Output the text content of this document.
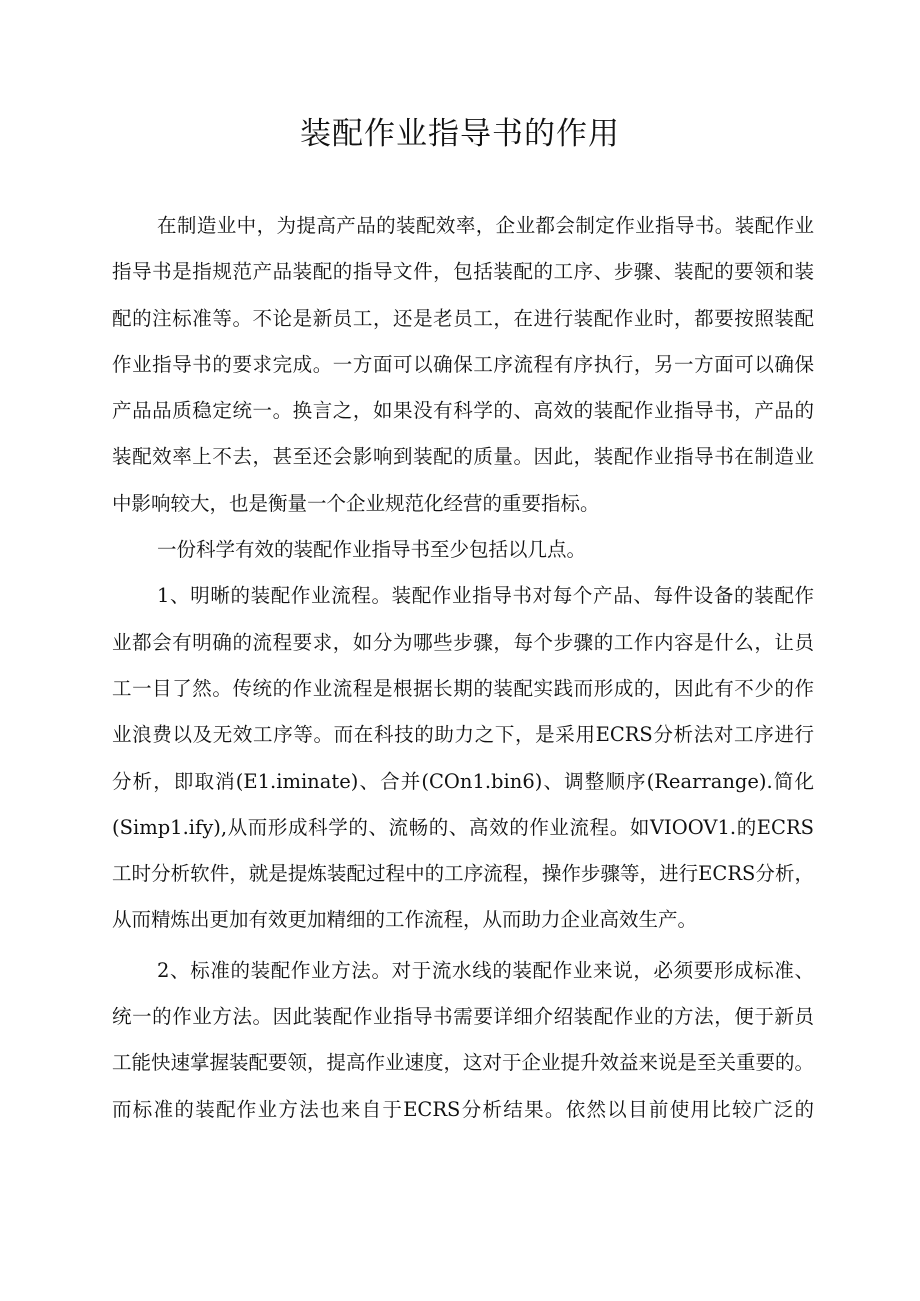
装配作业指导书的作用
在制造业中，为提高产品的装配效率，企业都会制定作业指导书。装配作业
指导书是指规范产品装配的指导文件，包括装配的工序、步骤、装配的要领和装
配的注标准等。不论是新员工，还是老员工，在进行装配作业时，都要按照装配
作业指导书的要求完成。一方面可以确保工序流程有序执行，另一方面可以确保
产品品质稳定统一。换言之，如果没有科学的、高效的装配作业指导书，产品的
装配效率上不去，甚至还会影响到装配的质量。因此，装配作业指导书在制造业
中影响较大，也是衡量一个企业规范化经营的重要指标。
一份科学有效的装配作业指导书至少包括以几点。
1、明晰的装配作业流程。装配作业指导书对每个产品、每件设备的装配作
业都会有明确的流程要求，如分为哪些步骤，每个步骤的工作内容是什么，让员
工一目了然。传统的作业流程是根据长期的装配实践而形成的，因此有不少的作
业浪费以及无效工序等。而在科技的助力之下，是采用ECRS分析法对工序进行
分析，即取消(E1.iminate)、合并(COn1.bin6)、调整顺序(Rearrange).简化
(Simp1.ify),从而形成科学的、流畅的、高效的作业流程。如VIOOV1.的ECRS
工时分析软件，就是提炼装配过程中的工序流程，操作步骤等，进行ECRS分析，
从而精炼出更加有效更加精细的工作流程，从而助力企业高效生产。
2、标准的装配作业方法。对于流水线的装配作业来说，必须要形成标准、
统一的作业方法。因此装配作业指导书需要详细介绍装配作业的方法，便于新员
工能快速掌握装配要领，提高作业速度，这对于企业提升效益来说是至关重要的。
而标准的装配作业方法也来自于ECRS分析结果。依然以目前使用比较广泛的
